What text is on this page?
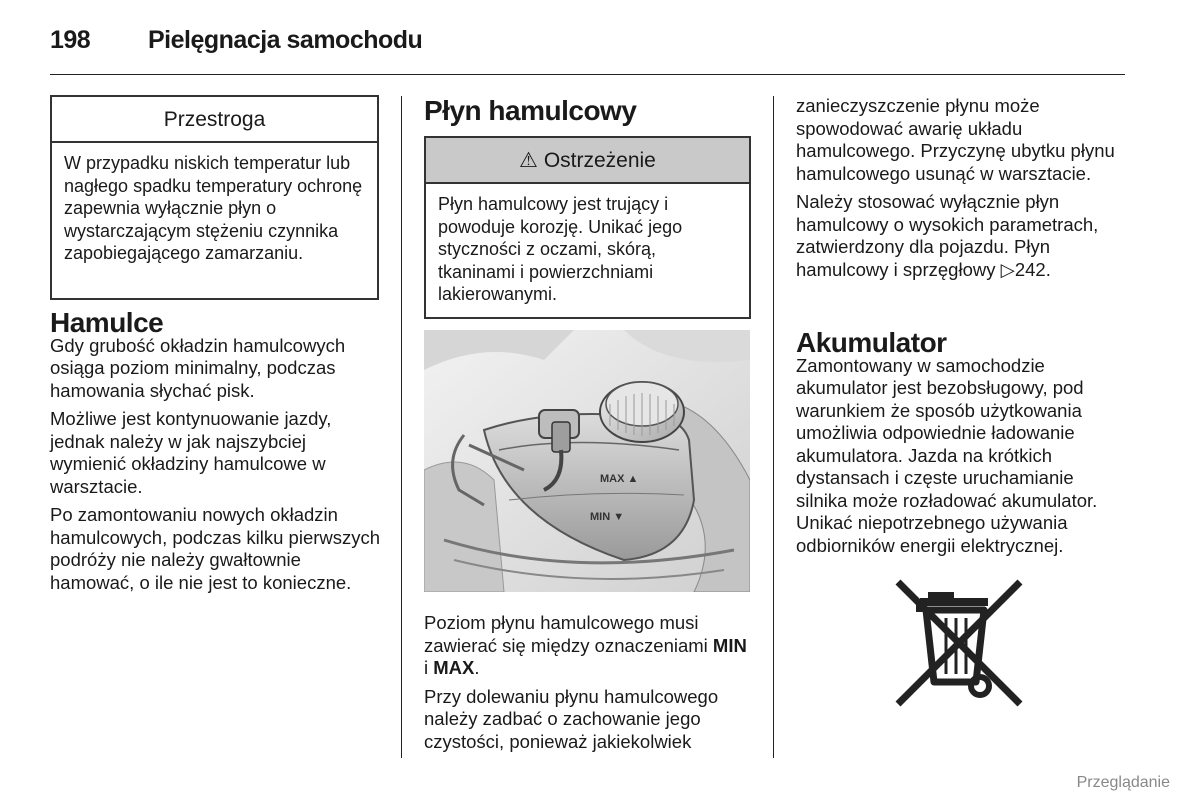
198 Pielęgnacja samochodu
Przestroga
W przypadku niskich temperatur lub nagłego spadku temperatury ochronę zapewnia wyłącznie płyn o wystarczającym stężeniu czynnika zapobiegającego zamarzaniu.
Hamulce

Gdy grubość okładzin hamulcowych osiąga poziom minimalny, podczas hamowania słychać pisk.

Możliwe jest kontynuowanie jazdy, jednak należy w jak najszybciej wymienić okładziny hamulcowe w warsztacie.

Po zamontowaniu nowych okładzin hamulcowych, podczas kilku pierwszych podróży nie należy gwałtownie hamować, o ile nie jest to konieczne.

Płyn hamulcowy
⚠ Ostrzeżenie
Płyn hamulcowy jest trujący i powoduje korozję. Unikać jego styczności z oczami, skórą, tkaninami i powierzchniami lakierowanymi.
MAX ▲
MIN ▼

Poziom płynu hamulcowego musi zawierać się między oznaczeniami MIN i MAX.

Przy dolewaniu płynu hamulcowego należy zadbać o zachowanie jego czystości, ponieważ jakiekolwiek

zanieczyszczenie płynu może spowodować awarię układu hamulcowego. Przyczynę ubytku płynu hamulcowego usunąć w warsztacie.

Należy stosować wyłącznie płyn hamulcowy o wysokich parametrach, zatwierdzony dla pojazdu. Płyn hamulcowy i sprzęgłowy ▷242.

Akumulator

Zamontowany w samochodzie akumulator jest bezobsługowy, pod warunkiem że sposób użytkowania umożliwia odpowiednie ładowanie akumulatora. Jazda na krótkich dystansach i częste uruchamianie silnika może rozładować akumulator. Unikać niepotrzebnego używania odbiorników energii elektrycznej.

Przeglądanie
